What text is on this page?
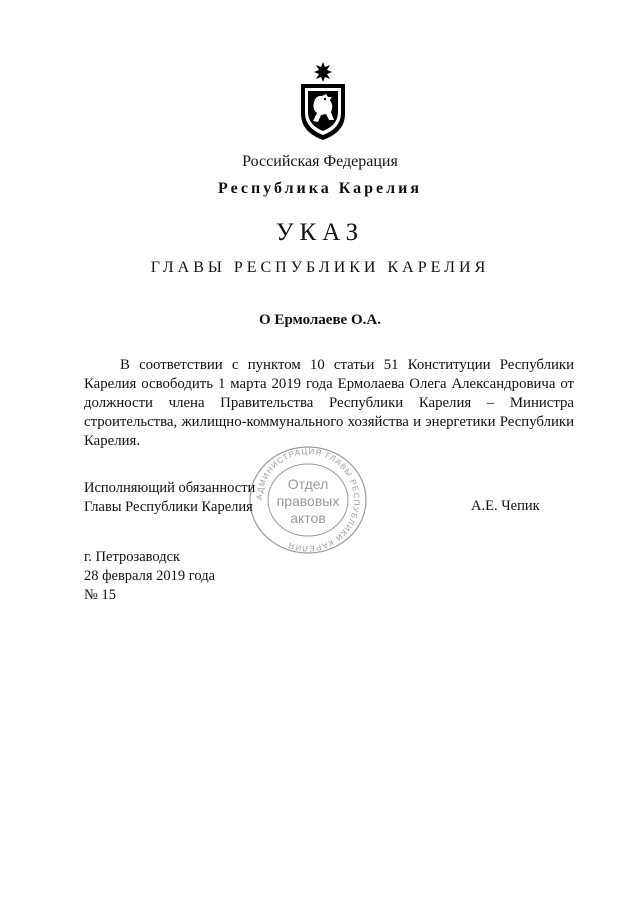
Российская Федерация
Республика Карелия
УКАЗ
ГЛАВЫ РЕСПУБЛИКИ КАРЕЛИЯ
О Ермолаеве О.А.
В соответствии с пунктом 10 статьи 51 Конституции Республики Карелия освободить 1 марта 2019 года Ермолаева Олега Александровича от должности члена Правительства Республики Карелия – Министра строительства, жилищно-коммунального хозяйства и энергетики Республики Карелия.
АДМИНИСТРАЦИЯ ГЛАВЫ РЕСПУБЛИКИ КАРЕЛИЯ
Исполняющий обязанности
Главы Республики Карелия
Отдел
правовых
актов
А.Е. Чепик
г. Петрозаводск
28 февраля 2019 года
№ 15
